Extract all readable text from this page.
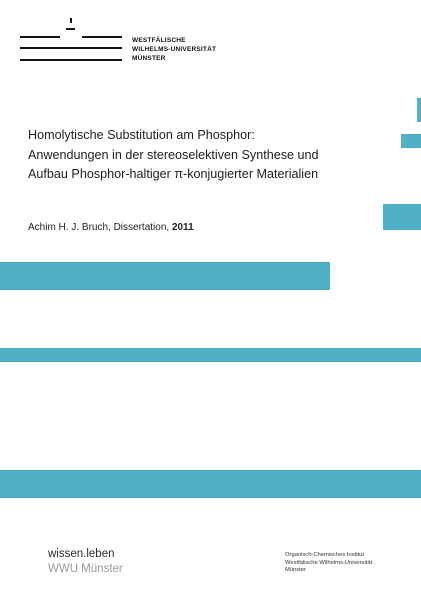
WESTFÄLISCHE
WILHELMS-UNIVERSITÄT
MÜNSTER
Homolytische Substitution am Phosphor:
Anwendungen in der stereoselektiven Synthese und
Aufbau Phosphor-haltiger π-konjugierter Materialien
Achim H. J. Bruch, Dissertation, 2011
wissen.leben
WWU Münster
Organisch-Chemisches Institut
Westfälische Wilhelms-Universität
Münster
